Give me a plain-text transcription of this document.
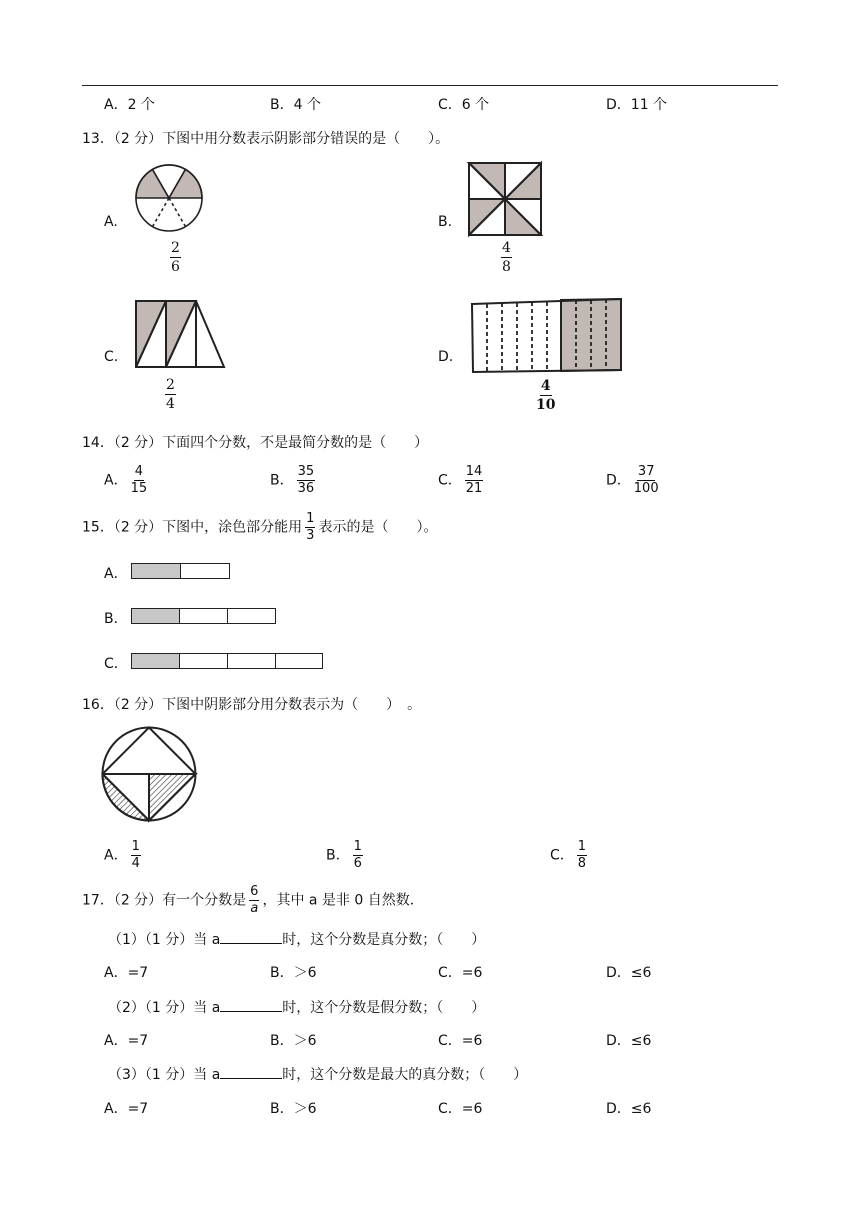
A．2 个	B．4 个	C．6 个	D．11 个
13．（2 分）下图中用分数表示阴影部分错误的是（　　）。
A.
$\frac{2}{6}$
B.
$\frac{4}{8}$
C.
$\frac{2}{4}$
D.
$\frac{4}{10}$
14．（2 分）下面四个分数，不是最简分数的是（　　）
A． $\frac{4}{15}$	B． $\frac{35}{36}$	C． $\frac{14}{21}$	D． $\frac{37}{100}$
15．（2 分）下图中，涂色部分能用 $\frac{1}{3}$ 表示的是（　　）。
A．
B．
C．
16．（2 分）下图中阴影部分用分数表示为（　　）　。
A． $\frac{1}{4}$	B． $\frac{1}{6}$	C． $\frac{1}{8}$
17．（2 分）有一个分数是 $\frac{6}{a}$ ，其中 a 是非 0 自然数．
（1）（1 分）当 a	时，这个分数是真分数；（　　）
A．=7	B．＞6	C．=6	D．≤6
（2）（1 分）当 a	时，这个分数是假分数；（　　）
A．=7	B．＞6	C．=6	D．≤6
（3）（1 分）当 a	时，这个分数是最大的真分数；（　　）
A．=7	B．＞6	C．=6	D．≤6
